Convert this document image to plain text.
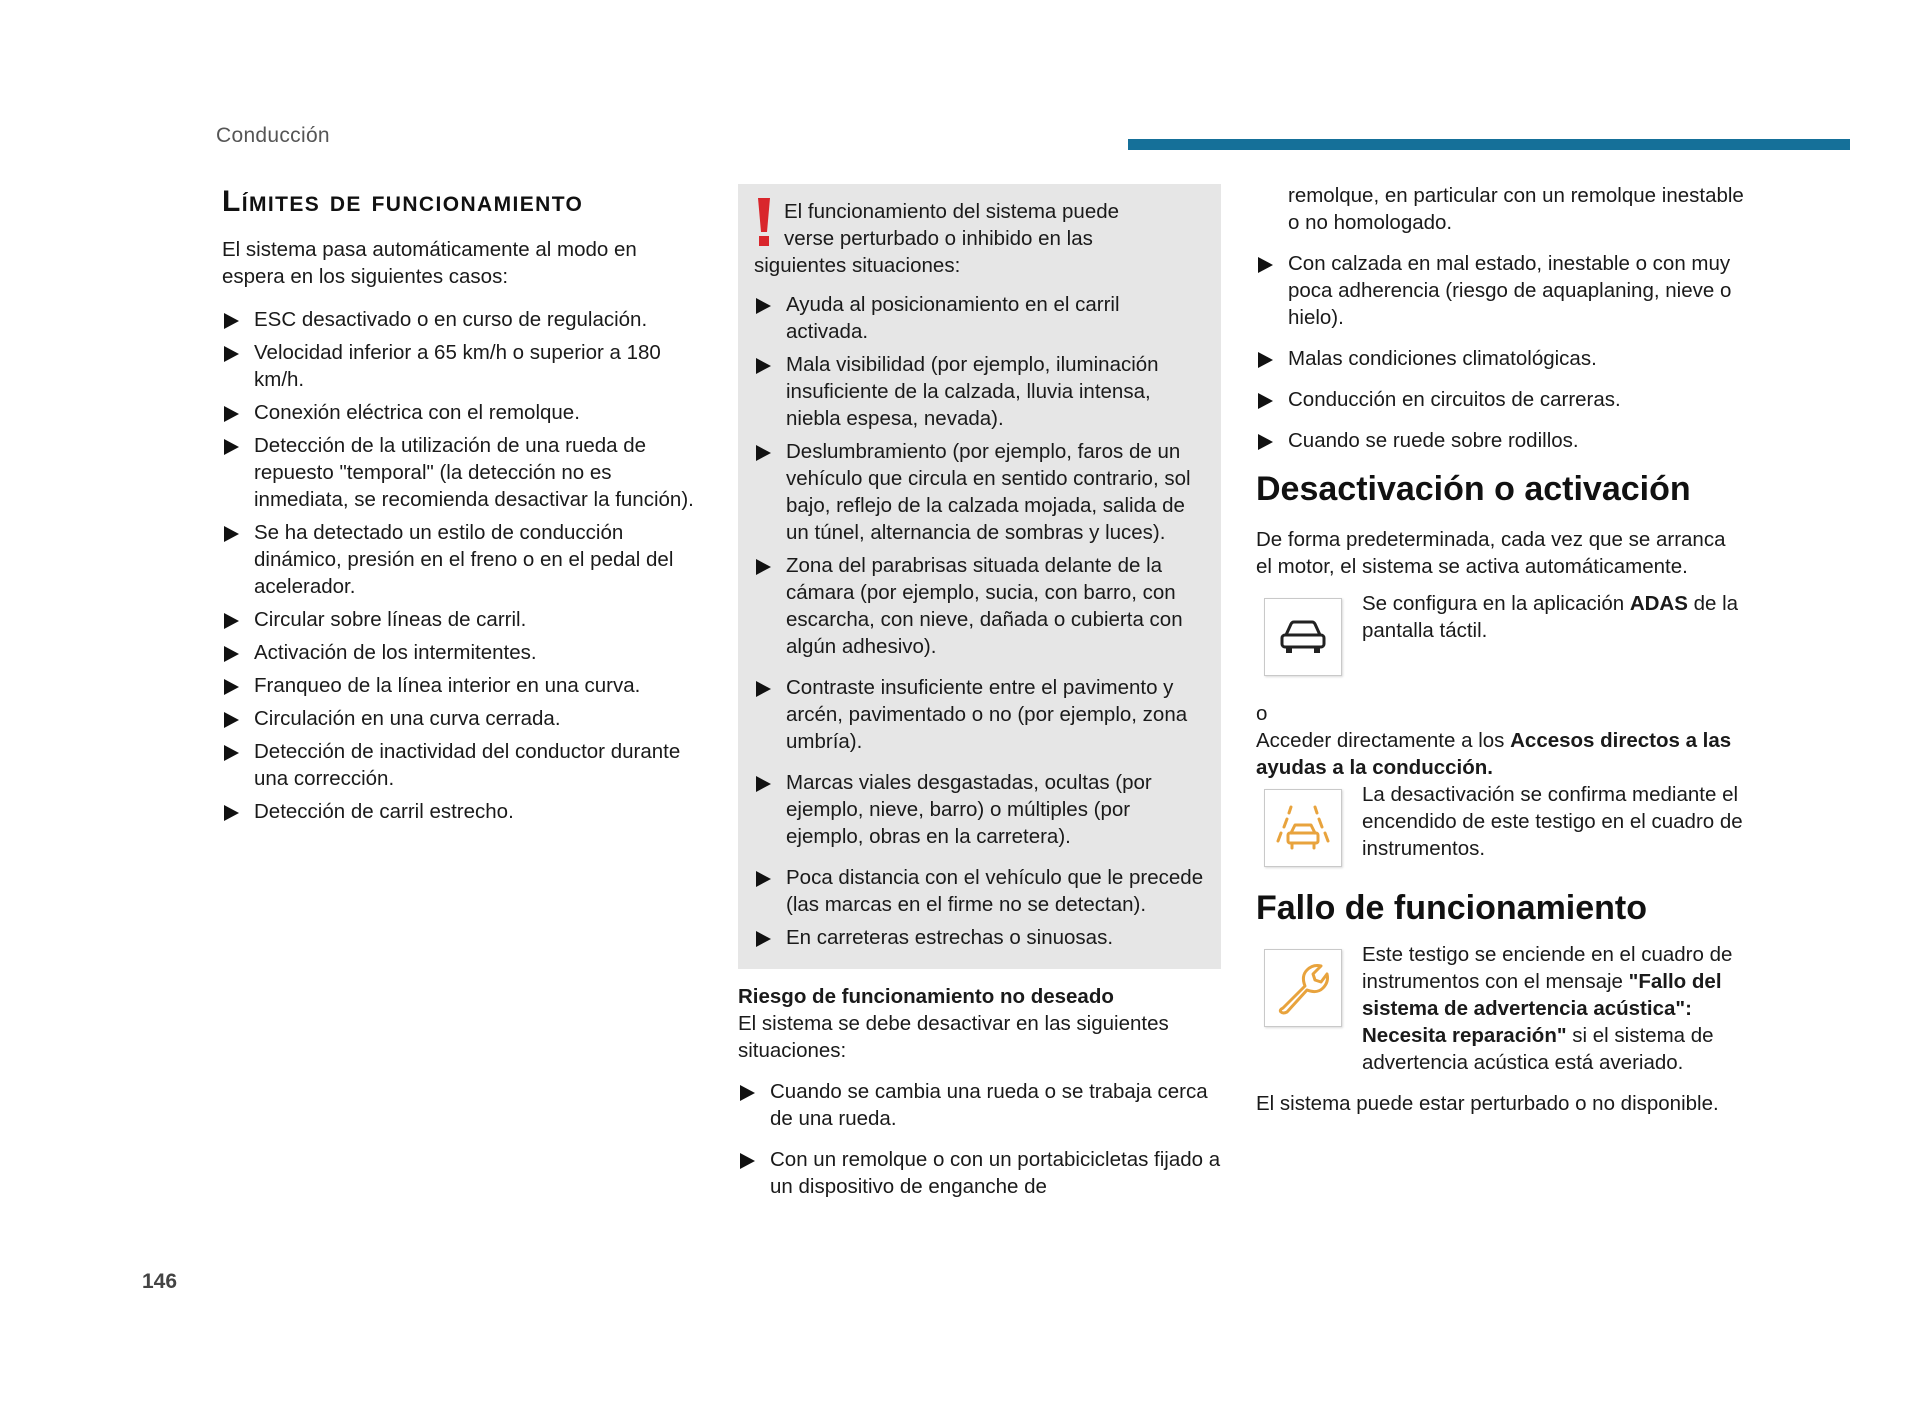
Conducción
Límites de funcionamiento

El sistema pasa automáticamente al modo en espera en los siguientes casos:

ESC desactivado o en curso de regulación.
Velocidad inferior a 65 km/h o superior a 180 km/h.
Conexión eléctrica con el remolque.
Detección de la utilización de una rueda de repuesto "temporal" (la detección no es inmediata, se recomienda desactivar la función).
Se ha detectado un estilo de conducción dinámico, presión en el freno o en el pedal del acelerador.
Circular sobre líneas de carril.
Activación de los intermitentes.
Franqueo de la línea interior en una curva.
Circulación en una curva cerrada.
Detección de inactividad del conductor durante una corrección.
Detección de carril estrecho.
El funcionamiento del sistema puede
verse perturbado o inhibido en las
siguientes situaciones:
Ayuda al posicionamiento en el carril activada.
Mala visibilidad (por ejemplo, iluminación insuficiente de la calzada, lluvia intensa, niebla espesa, nevada).
Deslumbramiento (por ejemplo, faros de un vehículo que circula en sentido contrario, sol bajo, reflejo de la calzada mojada, salida de un túnel, alternancia de sombras y luces).
Zona del parabrisas situada delante de la cámara (por ejemplo, sucia, con barro, con escarcha, con nieve, dañada o cubierta con algún adhesivo).
Contraste insuficiente entre el pavimento y arcén, pavimentado o no (por ejemplo, zona umbría).
Marcas viales desgastadas, ocultas (por ejemplo, nieve, barro) o múltiples (por ejemplo, obras en la carretera).
Poca distancia con el vehículo que le precede (las marcas en el firme no se detectan).
En carreteras estrechas o sinuosas.

Riesgo de funcionamiento no deseado

El sistema se debe desactivar en las siguientes situaciones:

Cuando se cambia una rueda o se trabaja cerca de una rueda.
Con un remolque o con un portabicicletas fijado a un dispositivo de enganche de

remolque, en particular con un remolque inestable o no homologado.

Con calzada en mal estado, inestable o con muy poca adherencia (riesgo de aquaplaning, nieve o hielo).
Malas condiciones climatológicas.
Conducción en circuitos de carreras.
Cuando se ruede sobre rodillos.
Desactivación o activación

De forma predeterminada, cada vez que se arranca el motor, el sistema se activa automáticamente.

Se configura en la aplicación ADAS de la pantalla táctil.

o

Acceder directamente a los Accesos directos a las ayudas a la conducción.

La desactivación se confirma mediante el encendido de este testigo en el cuadro de instrumentos.

Fallo de funcionamiento

Este testigo se enciende en el cuadro de instrumentos con el mensaje "Fallo del sistema de advertencia acústica": Necesita reparación" si el sistema de advertencia acústica está averiado.

El sistema puede estar perturbado o no disponible.

146
